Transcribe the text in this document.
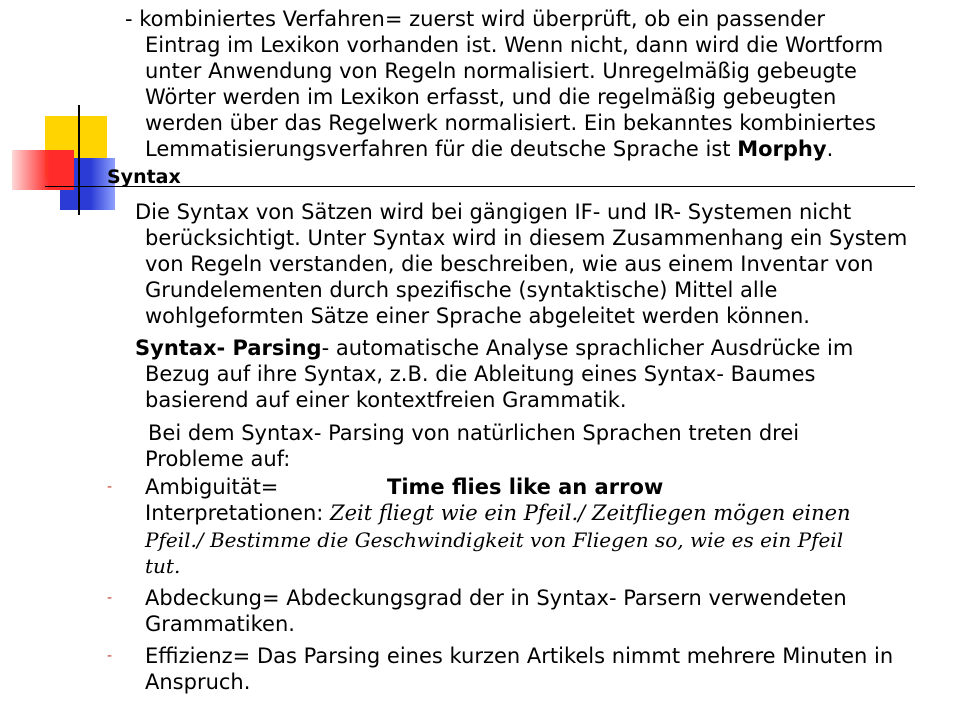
- kombiniertes Verfahren= zuerst wird überprüft, ob ein passender
Eintrag im Lexikon vorhanden ist. Wenn nicht, dann wird die Wortform
unter Anwendung von Regeln normalisiert. Unregelmäßig gebeugte
Wörter werden im Lexikon erfasst, und die regelmäßig gebeugten
werden über das Regelwerk normalisiert. Ein bekanntes kombiniertes
Lemmatisierungsverfahren für die deutsche Sprache ist Morphy.
Syntax
Die Syntax von Sätzen wird bei gängigen IF- und IR- Systemen nicht
berücksichtigt. Unter Syntax wird in diesem Zusammenhang ein System
von Regeln verstanden, die beschreiben, wie aus einem Inventar von
Grundelementen durch spezifische (syntaktische) Mittel alle
wohlgeformten Sätze einer Sprache abgeleitet werden können.
Syntax- Parsing- automatische Analyse sprachlicher Ausdrücke im
Bezug auf ihre Syntax, z.B. die Ableitung eines Syntax- Baumes
basierend auf einer kontextfreien Grammatik.
Bei dem Syntax- Parsing von natürlichen Sprachen treten drei
Probleme auf:
- Ambiguität=	Time flies like an arrow
Interpretationen: Zeit fliegt wie ein Pfeil./ Zeitfliegen mögen einen
Pfeil./ Bestimme die Geschwindigkeit von Fliegen so, wie es ein Pfeil
tut.
- Abdeckung= Abdeckungsgrad der in Syntax- Parsern verwendeten
Grammatiken.
- Effizienz= Das Parsing eines kurzen Artikels nimmt mehrere Minuten in
Anspruch.
